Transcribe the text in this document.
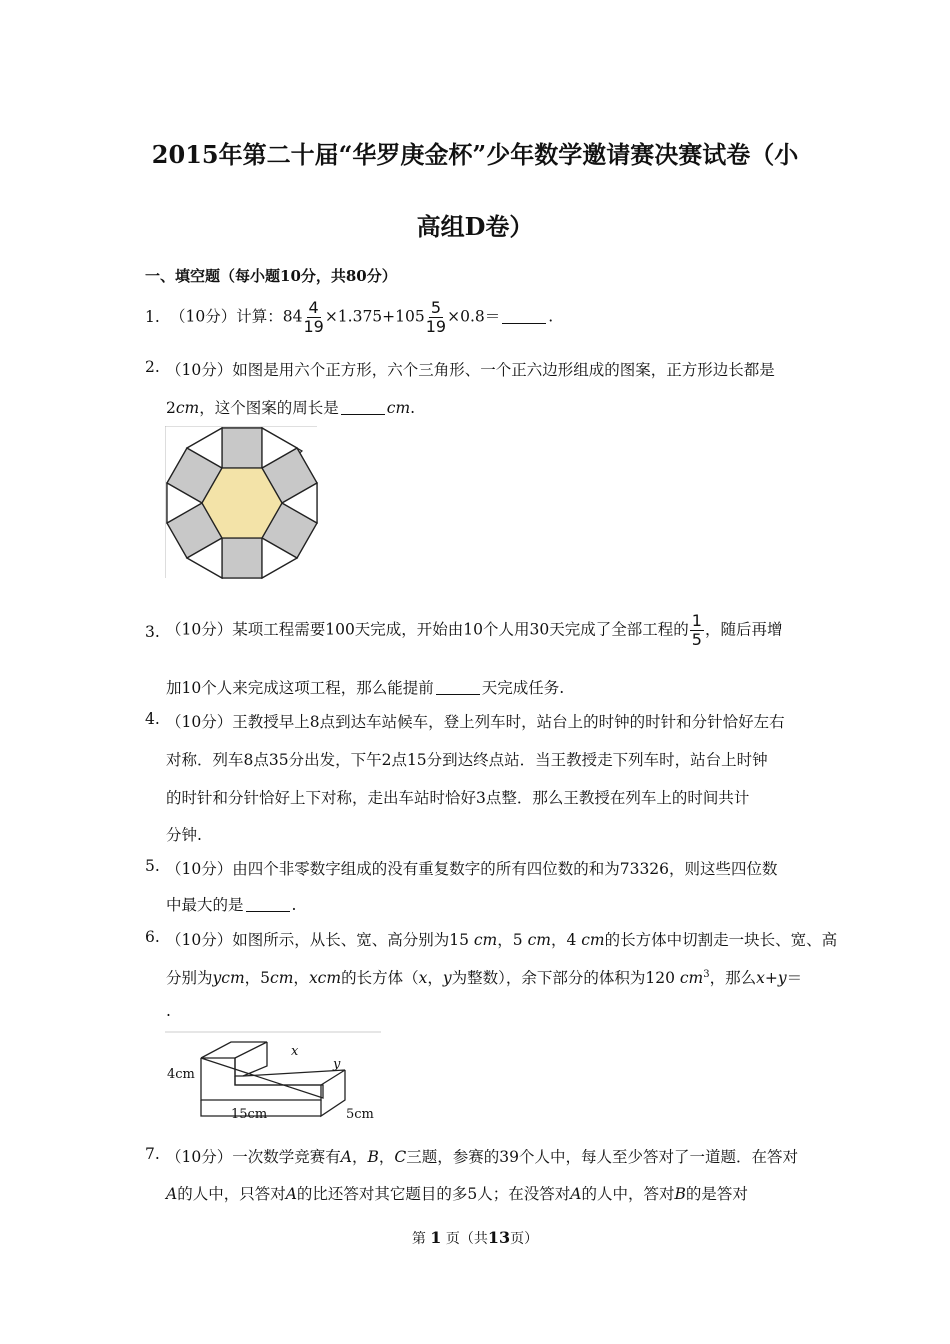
2015年第二十届“华罗庚金杯”少年数学邀请赛决赛试卷（小
高组D卷）
一、填空题（每小题10分，共80分）
1. （10分）计算：$84 \frac{4}{19} \times 1.375+105 \frac{5}{19} \times 0.8=$	.
2. （10分）如图是用六个正方形，六个三角形、一个正六边形组成的图案，正方形边长都是
2cm，这个图案的周长是	cm.
3. （10分）某项工程需要100天完成，开始由10个人用30天完成了全部工程的 $\frac{1}{5}$ ，随后再增
加10个人来完成这项工程，那么能提前	天完成任务.
4. （10分）王教授早上8点到达车站候车，登上列车时，站台上的时钟的时针和分针恰好左右
对称．列车8点35分出发，下午2点15分到达终点站．当王教授走下列车时，站台上时钟
的时针和分针恰好上下对称，走出车站时恰好3点整．那么王教授在列车上的时间共计
分钟.
5. （10分）由四个非零数字组成的没有重复数字的所有四位数的和为73326，则这些四位数
中最大的是	.
6. （10分）如图所示，从长、宽、高分别为15 cm，5 cm，4 cm的长方体中切割走一块长、宽、高
分别为ycm，5cm，xcm的长方体（x，y为整数），余下部分的体积为120 $cm^3$，那么x+y＝
.
4cm
15cm	5cm
x
y
7. （10分）一次数学竞赛有A，B，C三题，参赛的39个人中，每人至少答对了一道题．在答对
A的人中，只答对A的比还答对其它题目的多5人；在没答对A的人中，答对B的是答对
第 1 页（共13页）
